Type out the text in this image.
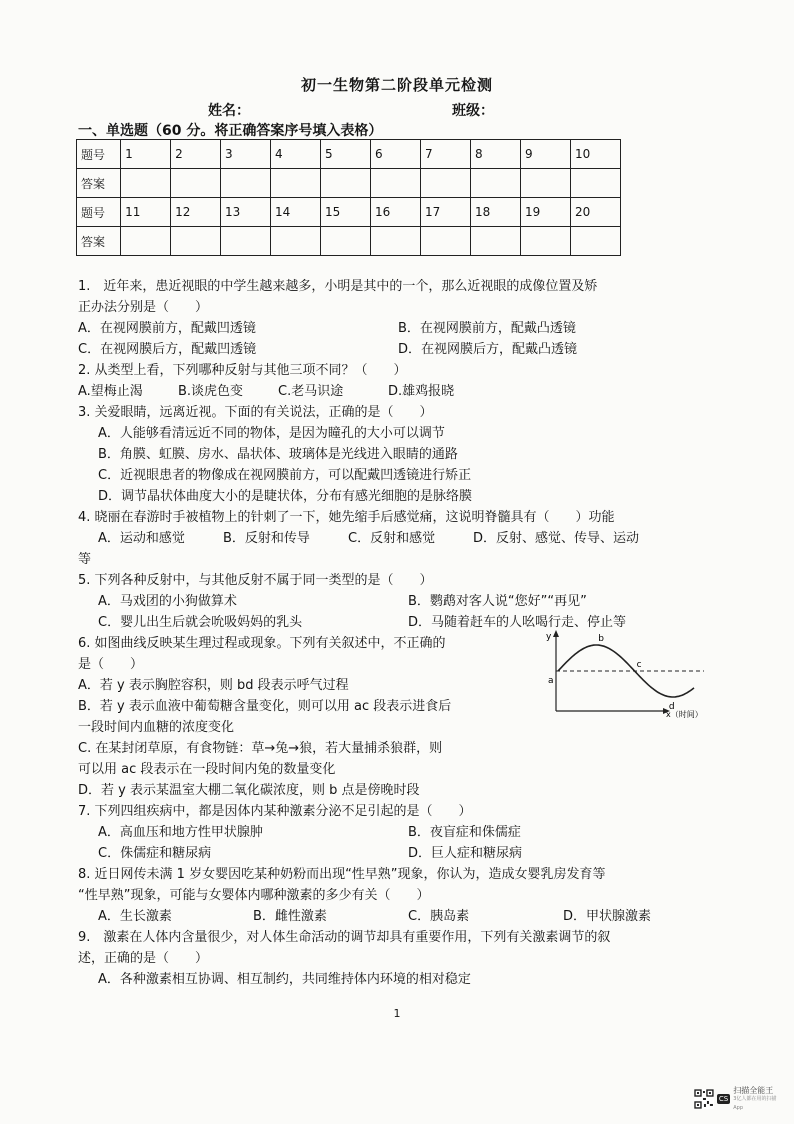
初一生物第二阶段单元检测
姓名：	班级：
一、单选题（60 分。将正确答案序号填入表格）
题号	1	2	3	4	5	6	7	8	9	10
答案										
题号	11	12	13	14	15	16	17	18	19	20
答案										

1.　近年来，患近视眼的中学生越来越多，小明是其中的一个，那么近视眼的成像位置及矫

正办法分别是（　　）

A．在视网膜前方，配戴凹透镜	B．在视网膜前方，配戴凸透镜
C．在视网膜后方，配戴凹透镜	D．在视网膜后方，配戴凸透镜

2. 从类型上看，下列哪种反射与其他三项不同？（　　）

A.望梅止渴	B.谈虎色变	C.老马识途	D.雄鸡报晓

3. 关爱眼睛，远离近视。下面的有关说法，正确的是（　　）

A．人能够看清远近不同的物体，是因为瞳孔的大小可以调节

B．角膜、虹膜、房水、晶状体、玻璃体是光线进入眼睛的通路

C．近视眼患者的物像成在视网膜前方，可以配戴凹透镜进行矫正

D．调节晶状体曲度大小的是睫状体，分布有感光细胞的是脉络膜

4. 晓丽在春游时手被植物上的针刺了一下，她先缩手后感觉痛，这说明脊髓具有（　　）功能

A．运动和感觉	B．反射和传导	C．反射和感觉	D．反射、感觉、传导、运动

等

5. 下列各种反射中，与其他反射不属于同一类型的是（　　）

A．马戏团的小狗做算术	B．鹦鹉对客人说“您好”“再见”
C．婴儿出生后就会吮吸妈妈的乳头	D．马随着赶车的人吆喝行走、停止等

6. 如图曲线反映某生理过程或现象。下列有关叙述中，不正确的

是（　　）

A．若 y 表示胸腔容积，则 bd 段表示呼气过程

B．若 y 表示血液中葡萄糖含量变化，则可以用 ac 段表示进食后

一段时间内血糖的浓度变化

C. 在某封闭草原，有食物链：草→兔→狼，若大量捕杀狼群，则

可以用 ac 段表示在一段时间内兔的数量变化

D．若 y 表示某温室大棚二氧化碳浓度，则 b 点是傍晚时段

y
x（时间）
a
b
c
d

7. 下列四组疾病中，都是因体内某种激素分泌不足引起的是（　　）

A．高血压和地方性甲状腺肿	B．夜盲症和侏儒症
C．侏儒症和糖尿病	D．巨人症和糖尿病

8. 近日网传未满 1 岁女婴因吃某种奶粉而出现“性早熟”现象，你认为，造成女婴乳房发育等

“性早熟”现象，可能与女婴体内哪种激素的多少有关（　　）

A．生长激素	B．雌性激素	C．胰岛素	D．甲状腺激素

9.　激素在人体内含量很少，对人体生命活动的调节却具有重要作用，下列有关激素调节的叙

述，正确的是（　　）

A．各种激素相互协调、相互制约，共同维持体内环境的相对稳定

1
CS
扫描全能王
3亿人都在用的扫描App
